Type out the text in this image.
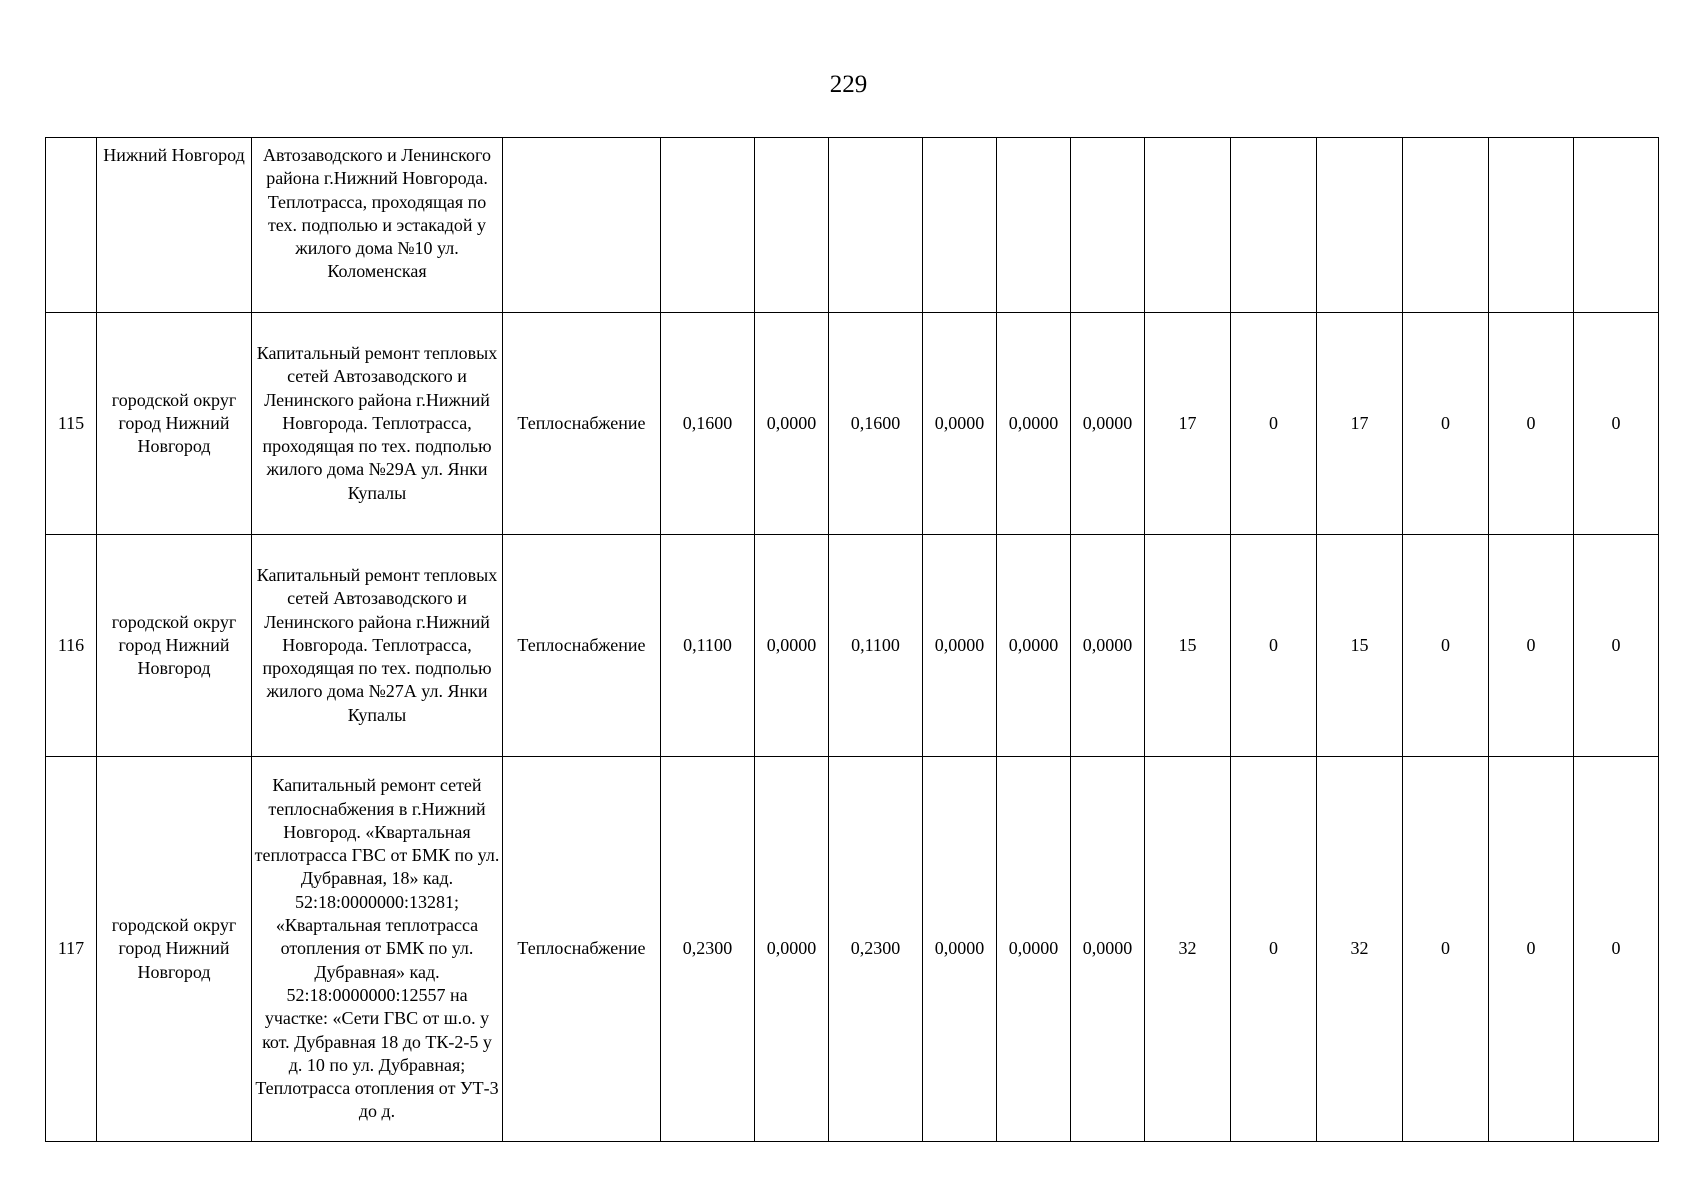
229
	Нижний Новгород	Автозаводского и Ленинского района г.Нижний Новгорода. Теплотрасса, проходящая по тех. подполью и эстакадой у жилого дома №10 ул. Коломенская													
115	городской округ город Нижний Новгород	Капитальный ремонт тепловых сетей Автозаводского и Ленинского района г.Нижний Новгорода. Теплотрасса, проходящая по тех. подполью жилого дома №29А ул. Янки Купалы	Теплоснабжение	0,1600	0,0000	0,1600	0,0000	0,0000	0,0000	17	0	17	0	0	0
116	городской округ город Нижний Новгород	Капитальный ремонт тепловых сетей Автозаводского и Ленинского района г.Нижний Новгорода. Теплотрасса, проходящая по тех. подполью жилого дома №27А ул. Янки Купалы	Теплоснабжение	0,1100	0,0000	0,1100	0,0000	0,0000	0,0000	15	0	15	0	0	0
117	городской округ город Нижний Новгород	Капитальный ремонт сетей теплоснабжения в г.Нижний Новгород. «Квартальная теплотрасса ГВС от БМК по ул. Дубравная, 18» кад. 52:18:0000000:13281; «Квартальная теплотрасса отопления от БМК по ул. Дубравная» кад. 52:18:0000000:12557 на участке: «Сети ГВС от ш.о. у кот. Дубравная 18 до ТК-2-5 у д. 10 по ул. Дубравная; Теплотрасса отопления от УТ-3 до д.	Теплоснабжение	0,2300	0,0000	0,2300	0,0000	0,0000	0,0000	32	0	32	0	0	0
